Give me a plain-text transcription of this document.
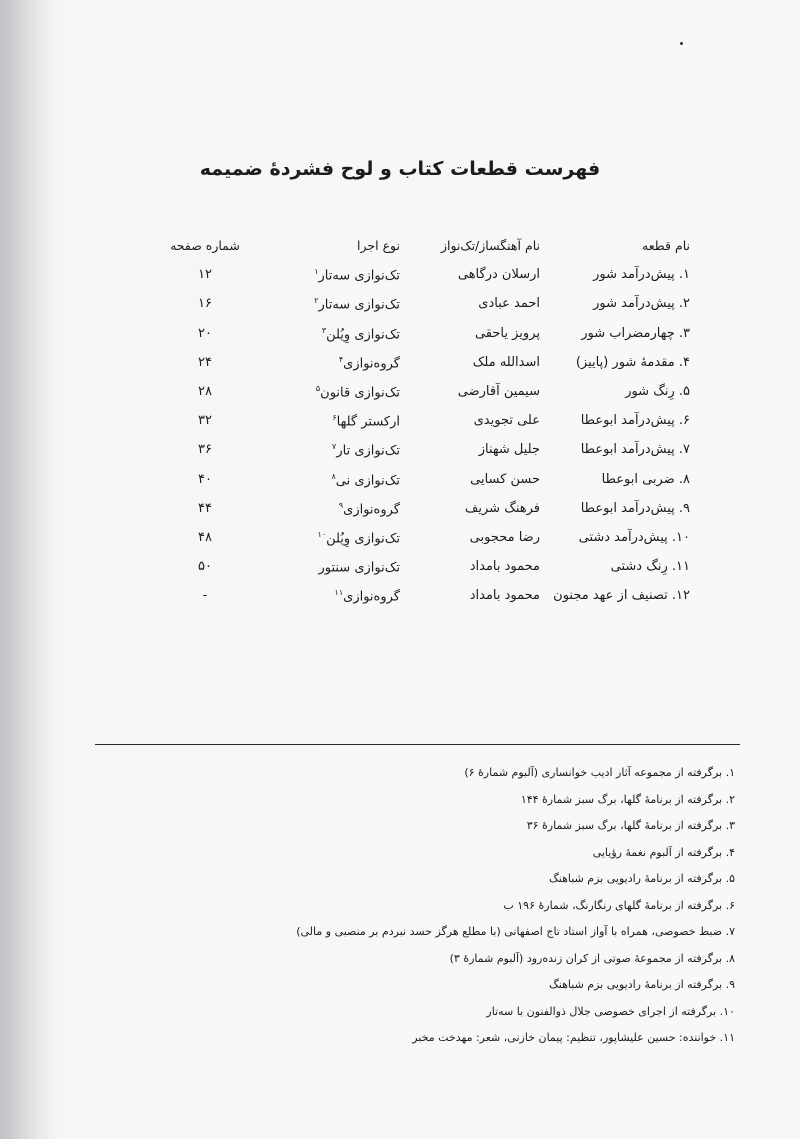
فهرست قطعات کتاب و لوح فشردهٔ ضمیمه
نام قطعه
نام آهنگساز/تک‌نواز
نوع اجرا
شماره صفحه
۱. پیش‌درآمد شور
ارسلان درگاهی
تک‌نوازی سه‌تار$^۱$
۱۲
۲. پیش‌درآمد شور
احمد عبادی
تک‌نوازی سه‌تار$^۲$
۱۶
۳. چهارمضراب شور
پرویز یاحقی
تک‌نوازی وِیُلن$^۳$
۲۰
۴. مقدمهٔ شور (پاییز)
اسدالله ملک
گروه‌نوازی$^۴$
۲۴
۵. رِنگ شور
سیمین آقارضی
تک‌نوازی قانون$^۵$
۲۸
۶. پیش‌درآمد ابوعطا
علی تجویدی
ارکستر گلها$^۶$
۳۲
۷. پیش‌درآمد ابوعطا
جلیل شهناز
تک‌نوازی تار$^۷$
۳۶
۸. ضربی ابوعطا
حسن کسایی
تک‌نوازی نی$^۸$
۴۰
۹. پیش‌درآمد ابوعطا
فرهنگ شریف
گروه‌نوازی$^۹$
۴۴
۱۰. پیش‌درآمد دشتی
رضا محجوبی
تک‌نوازی وِیُلن$^{۱۰}$
۴۸
۱۱. رِنگ دشتی
محمود بامداد
تک‌نوازی سنتور
۵۰
۱۲. تصنیف از عهد مجنون
محمود بامداد
گروه‌نوازی$^{۱۱}$
-
۱. برگرفته از مجموعه آثار ادیب خوانساری (آلبوم شمارهٔ ۶)
۲. برگرفته از برنامهٔ گلها، برگ سبز شمارهٔ ۱۴۴
۳. برگرفته از برنامهٔ گلها، برگ سبز شمارهٔ ۳۶
۴. برگرفته از آلبوم نغمهٔ رؤیایی
۵. برگرفته از برنامهٔ رادیویی بزم شباهنگ
۶. برگرفته از برنامهٔ گلهای رنگارنگ، شمارهٔ ۱۹۶ ب
۷. ضبط خصوصی، همراه با آواز استاد تاج اصفهانی (با مطلع هرگز حسد نبردم بر منصبی و مالی)
۸. برگرفته از مجموعهٔ صوتی از کران زنده‌رود (آلبوم شمارهٔ ۳)
۹. برگرفته از برنامهٔ رادیویی بزم شباهنگ
۱۰. برگرفته از اجرای خصوصی جلال ذوالفنون با سه‌تار
۱۱. خواننده: حسین علیشاپور، تنظیم: پیمان خازنی، شعر: مهدخت مخبر
